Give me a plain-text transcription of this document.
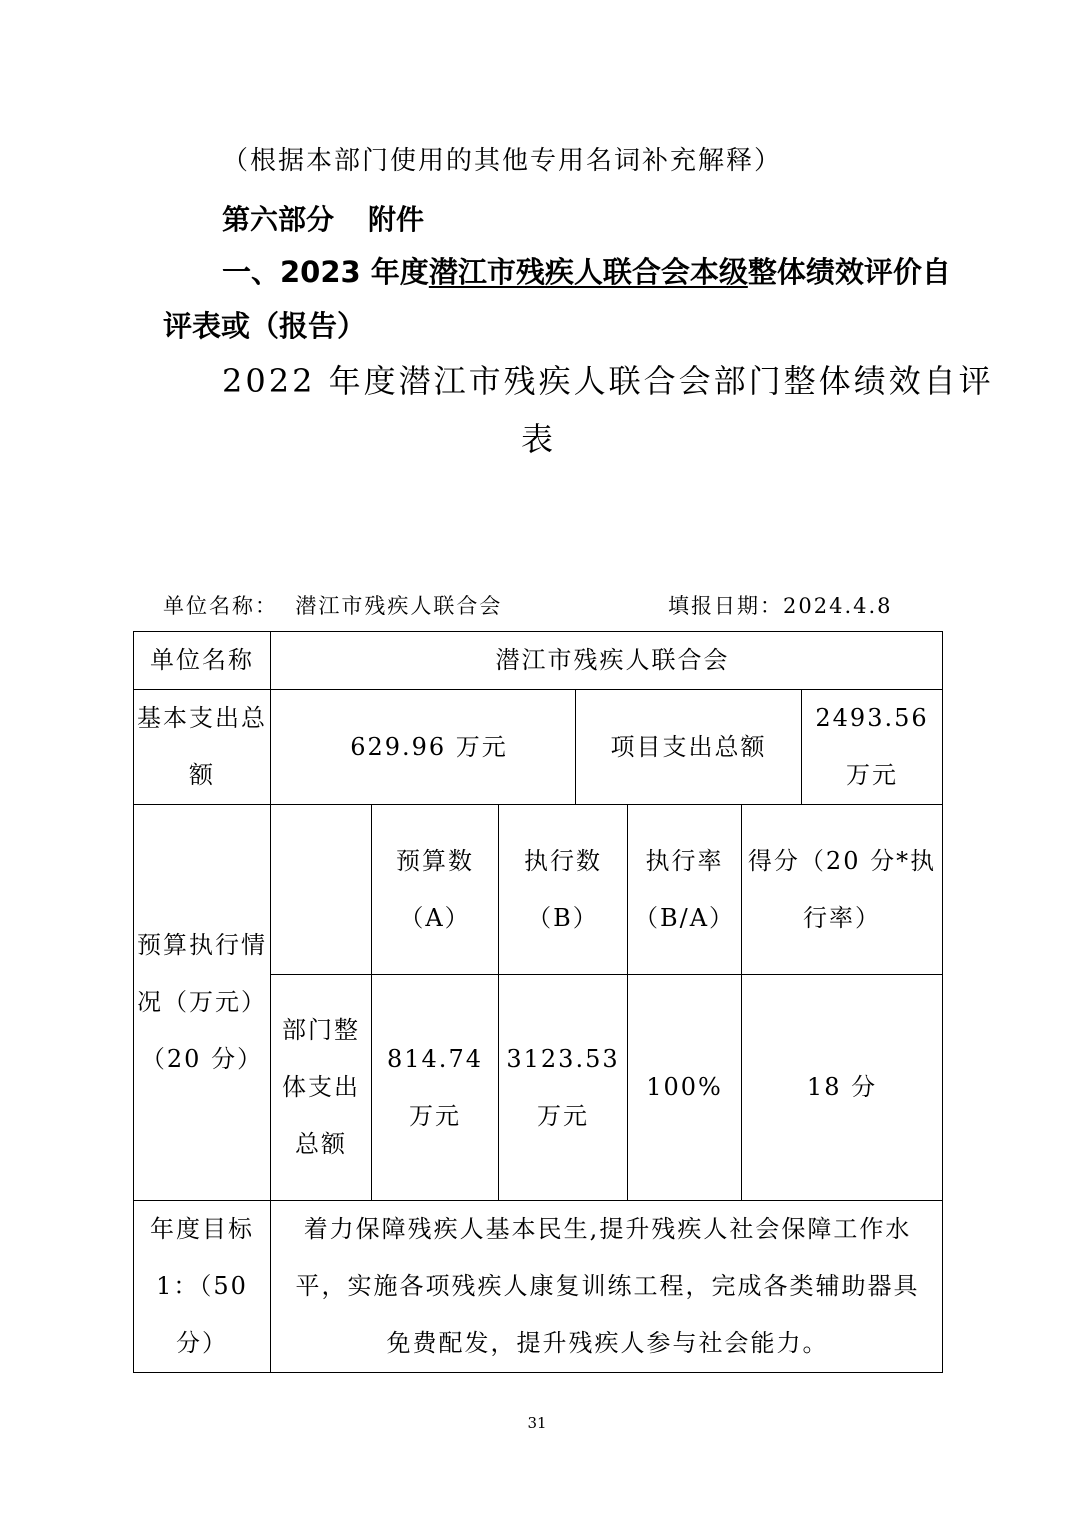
（根据本部门使用的其他专用名词补充解释）
第六部分 附件
一、2023 年度潜江市残疾人联合会本级整体绩效评价自
评表或（报告）
2022 年度潜江市残疾人联合会部门整体绩效自评
表
单位名称： 潜江市残疾人联合会	填报日期：2024.4.8
单位名称	潜江市残疾人联合会						
基本支出总额	629.96 万元			项目支出总额			2493.56 万元
预算执行情况（万元）（20 分）		预算数（A）	执行数（B）		执行率（B/A）	得分（20 分*执行率）	
	部门整体支出总额	814.74 万元	3123.53 万元		100%	18 分	
年度目标 1：（50 分）	着力保障残疾人基本民生,提升残疾人社会保障工作水平，实施各项残疾人康复训练工程，完成各类辅助器具免费配发，提升残疾人参与社会能力。						
31
